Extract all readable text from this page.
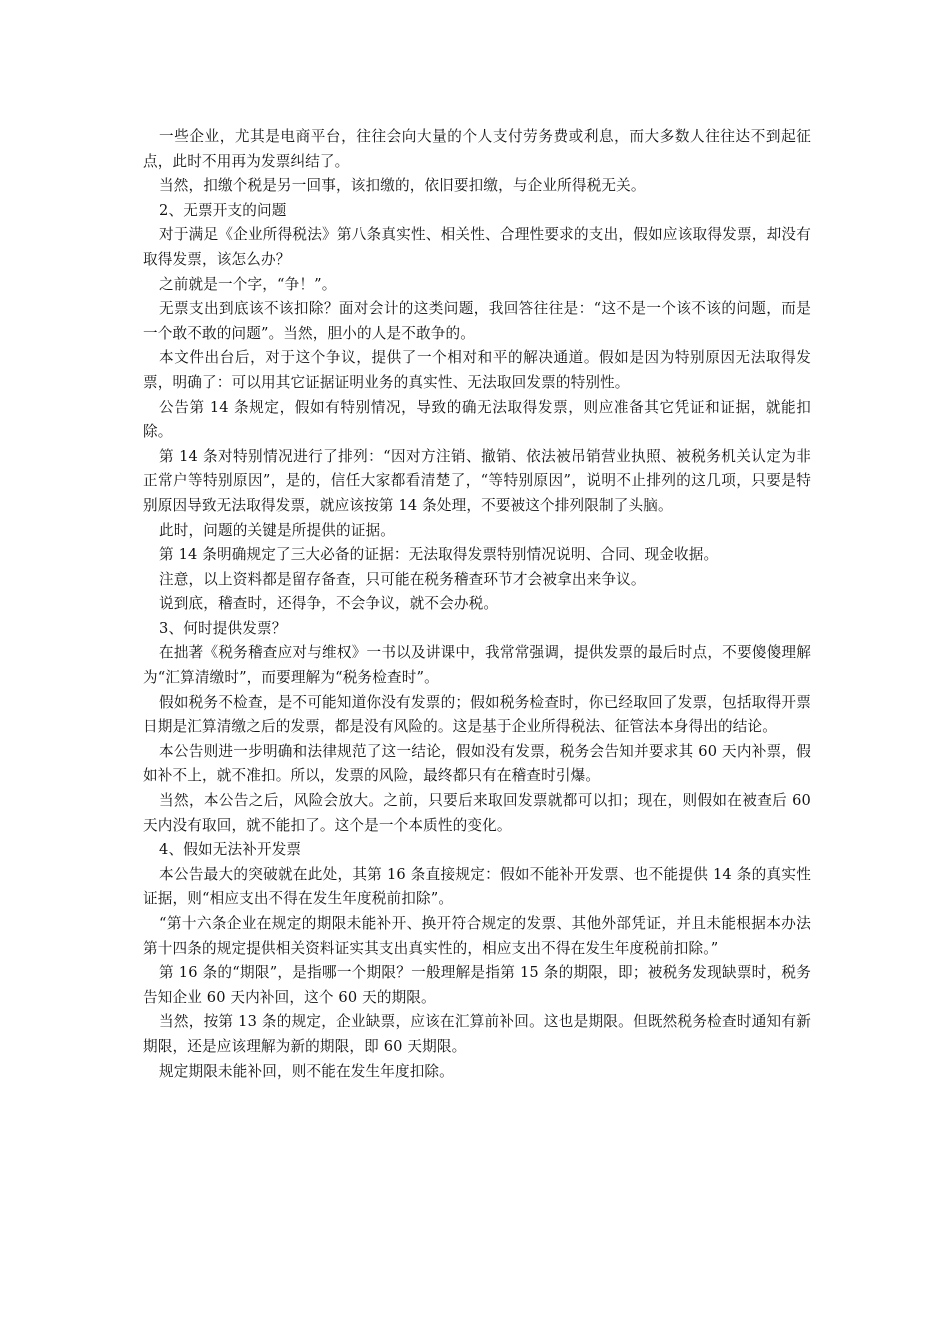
一些企业，尤其是电商平台，往往会向大量的个人支付劳务费或利息，而大多数人往往达不到起征点，此时不用再为发票纠结了。

当然，扣缴个税是另一回事，该扣缴的，依旧要扣缴，与企业所得税无关。

2、无票开支的问题

对于满足《企业所得税法》第八条真实性、相关性、合理性要求的支出，假如应该取得发票，却没有取得发票，该怎么办？

之前就是一个字，“争！”。

无票支出到底该不该扣除？面对会计的这类问题，我回答往往是：“这不是一个该不该的问题，而是一个敢不敢的问题”。当然，胆小的人是不敢争的。

本文件出台后，对于这个争议，提供了一个相对和平的解决通道。假如是因为特别原因无法取得发票，明确了：可以用其它证据证明业务的真实性、无法取回发票的特别性。

公告第 14 条规定，假如有特别情况，导致的确无法取得发票，则应准备其它凭证和证据，就能扣除。

第 14 条对特别情况进行了排列：“因对方注销、撤销、依法被吊销营业执照、被税务机关认定为非正常户等特别原因”，是的，信任大家都看清楚了，“等特别原因”，说明不止排列的这几项，只要是特别原因导致无法取得发票，就应该按第 14 条处理，不要被这个排列限制了头脑。

此时，问题的关键是所提供的证据。

第 14 条明确规定了三大必备的证据：无法取得发票特别情况说明、合同、现金收据。

注意，以上资料都是留存备查，只可能在税务稽查环节才会被拿出来争议。

说到底，稽查时，还得争，不会争议，就不会办税。

3、何时提供发票？

在拙著《税务稽查应对与维权》一书以及讲课中，我常常强调，提供发票的最后时点，不要傻傻理解为“汇算清缴时”，而要理解为“税务检查时”。

假如税务不检查，是不可能知道你没有发票的；假如税务检查时，你已经取回了发票，包括取得开票日期是汇算清缴之后的发票，都是没有风险的。这是基于企业所得税法、征管法本身得出的结论。

本公告则进一步明确和法律规范了这一结论，假如没有发票，税务会告知并要求其 60 天内补票，假如补不上，就不准扣。所以，发票的风险，最终都只有在稽查时引爆。

当然，本公告之后，风险会放大。之前，只要后来取回发票就都可以扣；现在，则假如在被查后 60 天内没有取回，就不能扣了。这个是一个本质性的变化。

4、假如无法补开发票

本公告最大的突破就在此处，其第 16 条直接规定：假如不能补开发票、也不能提供 14 条的真实性证据，则“相应支出不得在发生年度税前扣除”。

“第十六条企业在规定的期限未能补开、换开符合规定的发票、其他外部凭证，并且未能根据本办法第十四条的规定提供相关资料证实其支出真实性的，相应支出不得在发生年度税前扣除。”

第 16 条的“期限”，是指哪一个期限？一般理解是指第 15 条的期限，即；被税务发现缺票时，税务告知企业 60 天内补回，这个 60 天的期限。

当然，按第 13 条的规定，企业缺票，应该在汇算前补回。这也是期限。但既然税务检查时通知有新期限，还是应该理解为新的期限，即 60 天期限。

规定期限未能补回，则不能在发生年度扣除。
